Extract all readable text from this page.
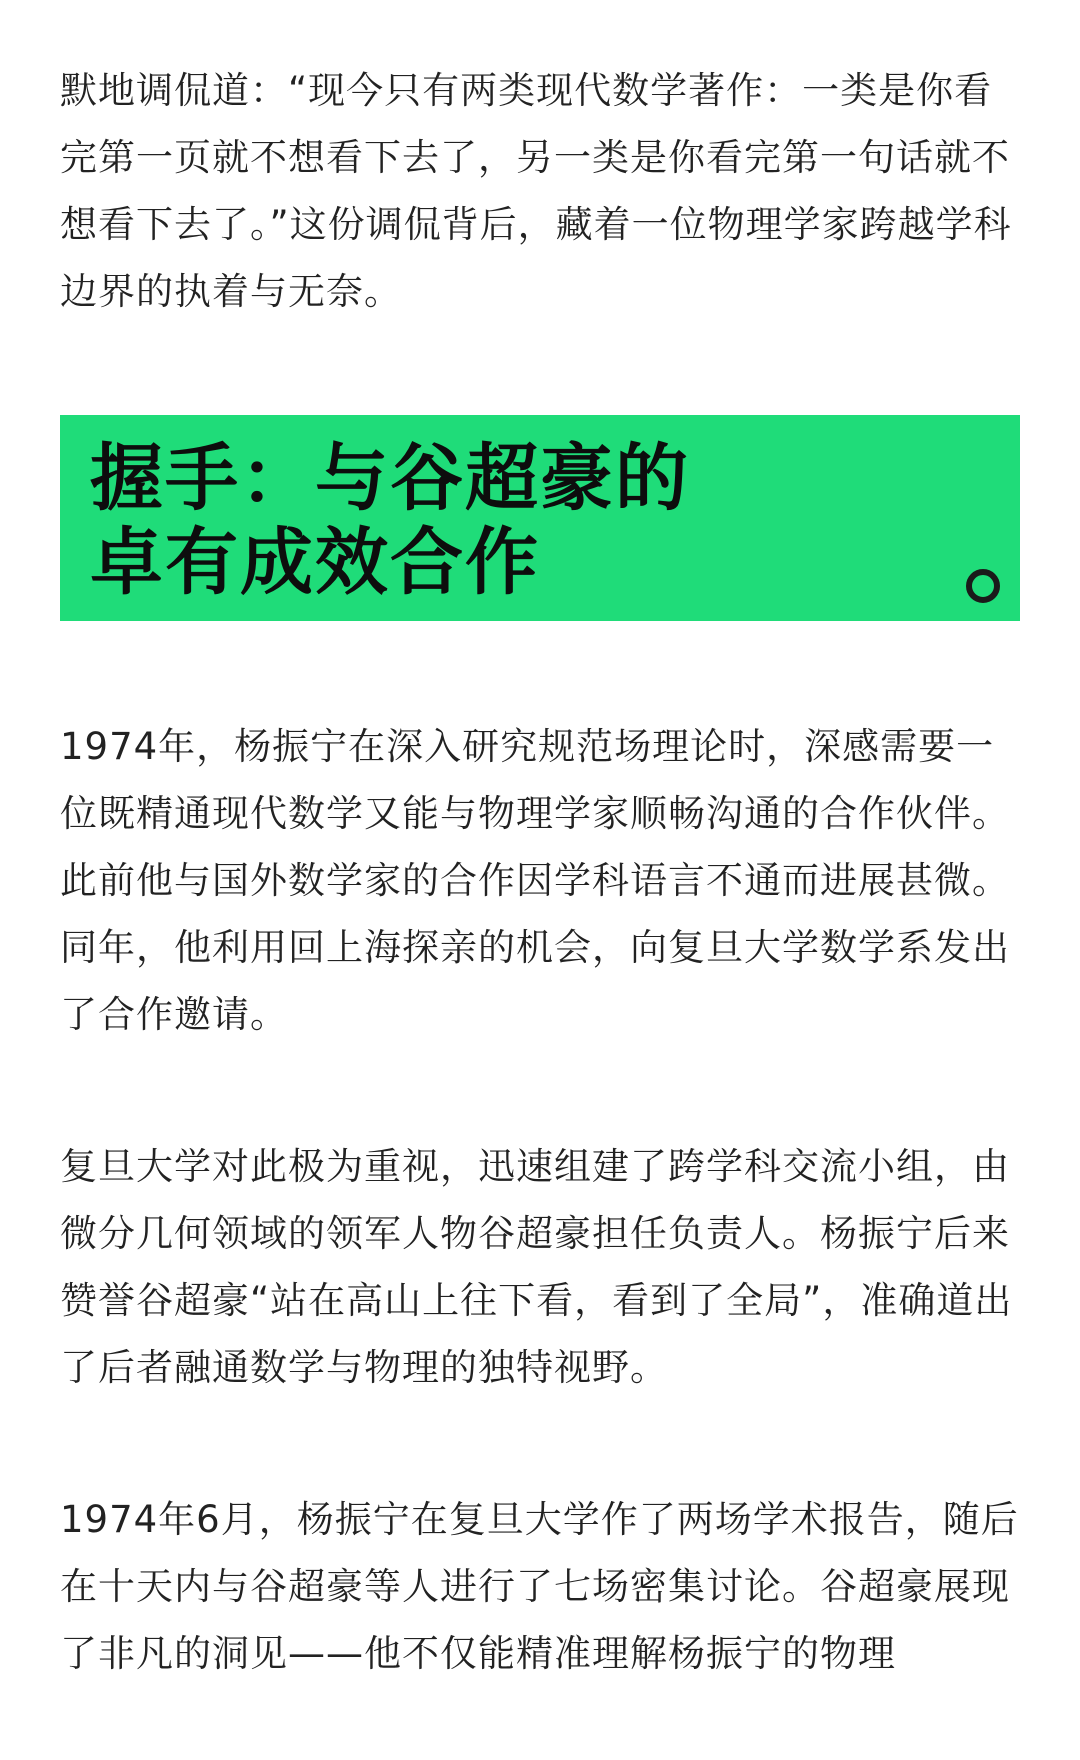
默地调侃道：“现今只有两类现代数学著作：一类是你看完第一页就不想看下去了，另一类是你看完第一句话就不想看下去了。”这份调侃背后，藏着一位物理学家跨越学科边界的执着与无奈。

握手：与谷超豪的
卓有成效合作

1974年，杨振宁在深入研究规范场理论时，深感需要一位既精通现代数学又能与物理学家顺畅沟通的合作伙伴。此前他与国外数学家的合作因学科语言不通而进展甚微。同年，他利用回上海探亲的机会，向复旦大学数学系发出了合作邀请。

复旦大学对此极为重视，迅速组建了跨学科交流小组，由微分几何领域的领军人物谷超豪担任负责人。杨振宁后来赞誉谷超豪“站在高山上往下看，看到了全局”，准确道出了后者融通数学与物理的独特视野。

1974年6月，杨振宁在复旦大学作了两场学术报告，随后在十天内与谷超豪等人进行了七场密集讨论。谷超豪展现了非凡的洞见——他不仅能精准理解杨振宁的物理
